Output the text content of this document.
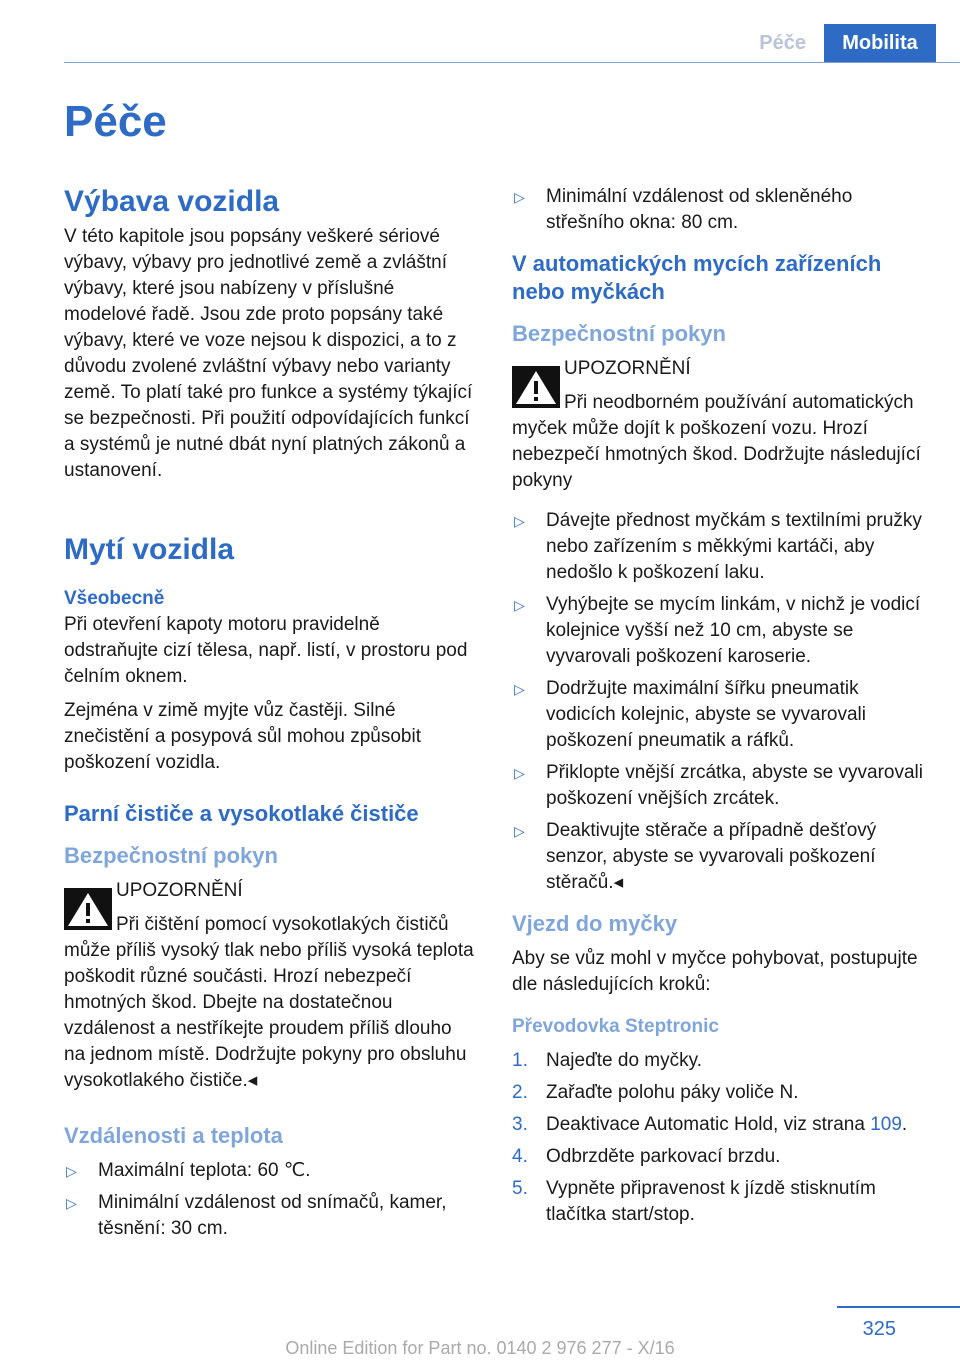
Péče	Mobilita
Péče
Výbava vozidla

V této kapitole jsou popsány veškeré sériové výbavy, výbavy pro jednotlivé země a zvláštní výbavy, které jsou nabízeny v příslušné modelové řadě. Jsou zde proto popsány také výbavy, které ve voze nejsou k dispozici, a to z důvodu zvolené zvláštní výbavy nebo varianty země. To platí také pro funkce a systémy týkající se bezpečnosti. Při použití odpovídajících funkcí a systémů je nutné dbát nyní platných zákonů a ustanovení.

Mytí vozidla
Všeobecně

Při otevření kapoty motoru pravidelně odstraňujte cizí tělesa, např. listí, v prostoru pod čelním oknem.

Zejména v zimě myjte vůz častěji. Silné znečistění a posypová sůl mohou způsobit poškození vozidla.

Parní čističe a vysokotlaké čističe
Bezpečnostní pokyn

UPOZORNĚNÍ

Při čištění pomocí vysokotlakých čističů může příliš vysoký tlak nebo příliš vysoká teplota poškodit různé součásti. Hrozí nebezpečí hmotných škod. Dbejte na dostatečnou vzdálenost a nestříkejte proudem příliš dlouho na jednom místě. Dodržujte pokyny pro obsluhu vysokotlakého čističe.◂

Vzdálenosti a teplota
▷ Maximální teplota: 60 ℃.
▷ Minimální vzdálenost od snímačů, kamer, těsnění: 30 cm.
▷ Minimální vzdálenost od skleněného střešního okna: 80 cm.
V automatických mycích zařízeních nebo myčkách
Bezpečnostní pokyn

UPOZORNĚNÍ

Při neodborném používání automatických myček může dojít k poškození vozu. Hrozí nebezpečí hmotných škod. Dodržujte následující pokyny

▷ Dávejte přednost myčkám s textilními pružky nebo zařízením s měkkými kartáči, aby nedošlo k poškození laku.
▷ Vyhýbejte se mycím linkám, v nichž je vodicí kolejnice vyšší než 10 cm, abyste se vyvarovali poškození karoserie.
▷ Dodržujte maximální šířku pneumatik vodicích kolejnic, abyste se vyvarovali poškození pneumatik a ráfků.
▷ Přiklopte vnější zrcátka, abyste se vyvarovali poškození vnějších zrcátek.
▷ Deaktivujte stěrače a případně dešťový senzor, abyste se vyvarovali poškození stěračů.◂
Vjezd do myčky

Aby se vůz mohl v myčce pohybovat, postupujte dle následujících kroků:

Převodovka Steptronic
1. Najeďte do myčky.
2. Zařaďte polohu páky voliče N.
3. Deaktivace Automatic Hold, viz strana 109.
4. Odbrzděte parkovací brzdu.
5. Vypněte připravenost k jízdě stisknutím tlačítka start/stop.
325
Online Edition for Part no. 0140 2 976 277 - X/16
